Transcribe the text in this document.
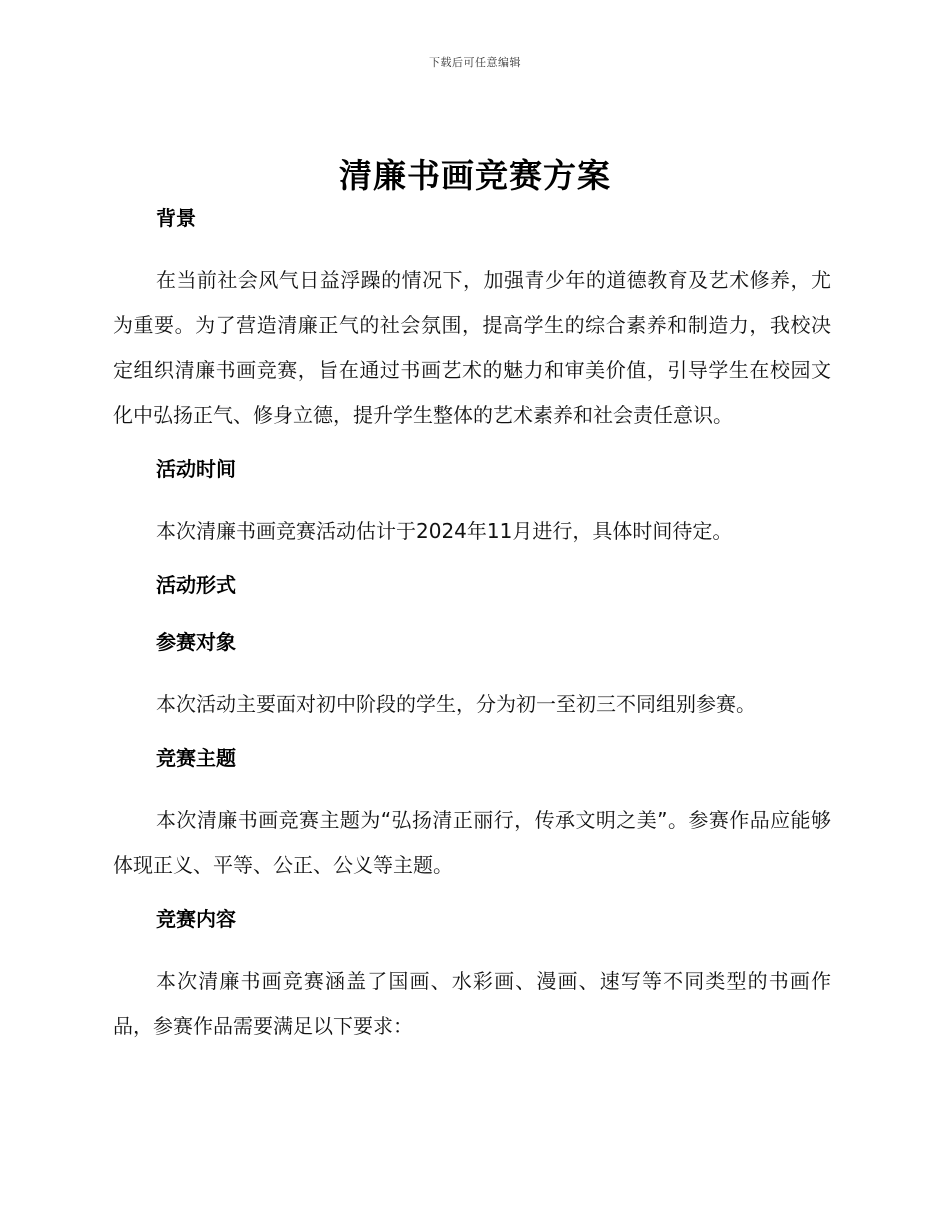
下载后可任意编辑
清廉书画竞赛方案
背景

在当前社会风气日益浮躁的情况下，加强青少年的道德教育及艺术修养，尤为重要。为了营造清廉正气的社会氛围，提高学生的综合素养和制造力，我校决定组织清廉书画竞赛，旨在通过书画艺术的魅力和审美价值，引导学生在校园文化中弘扬正气、修身立德，提升学生整体的艺术素养和社会责任意识。

活动时间

本次清廉书画竞赛活动估计于2024年11月进行，具体时间待定。

活动形式
参赛对象

本次活动主要面对初中阶段的学生，分为初一至初三不同组别参赛。

竞赛主题

本次清廉书画竞赛主题为“弘扬清正丽行，传承文明之美”。参赛作品应能够体现正义、平等、公正、公义等主题。

竞赛内容

本次清廉书画竞赛涵盖了国画、水彩画、漫画、速写等不同类型的书画作品，参赛作品需要满足以下要求：
